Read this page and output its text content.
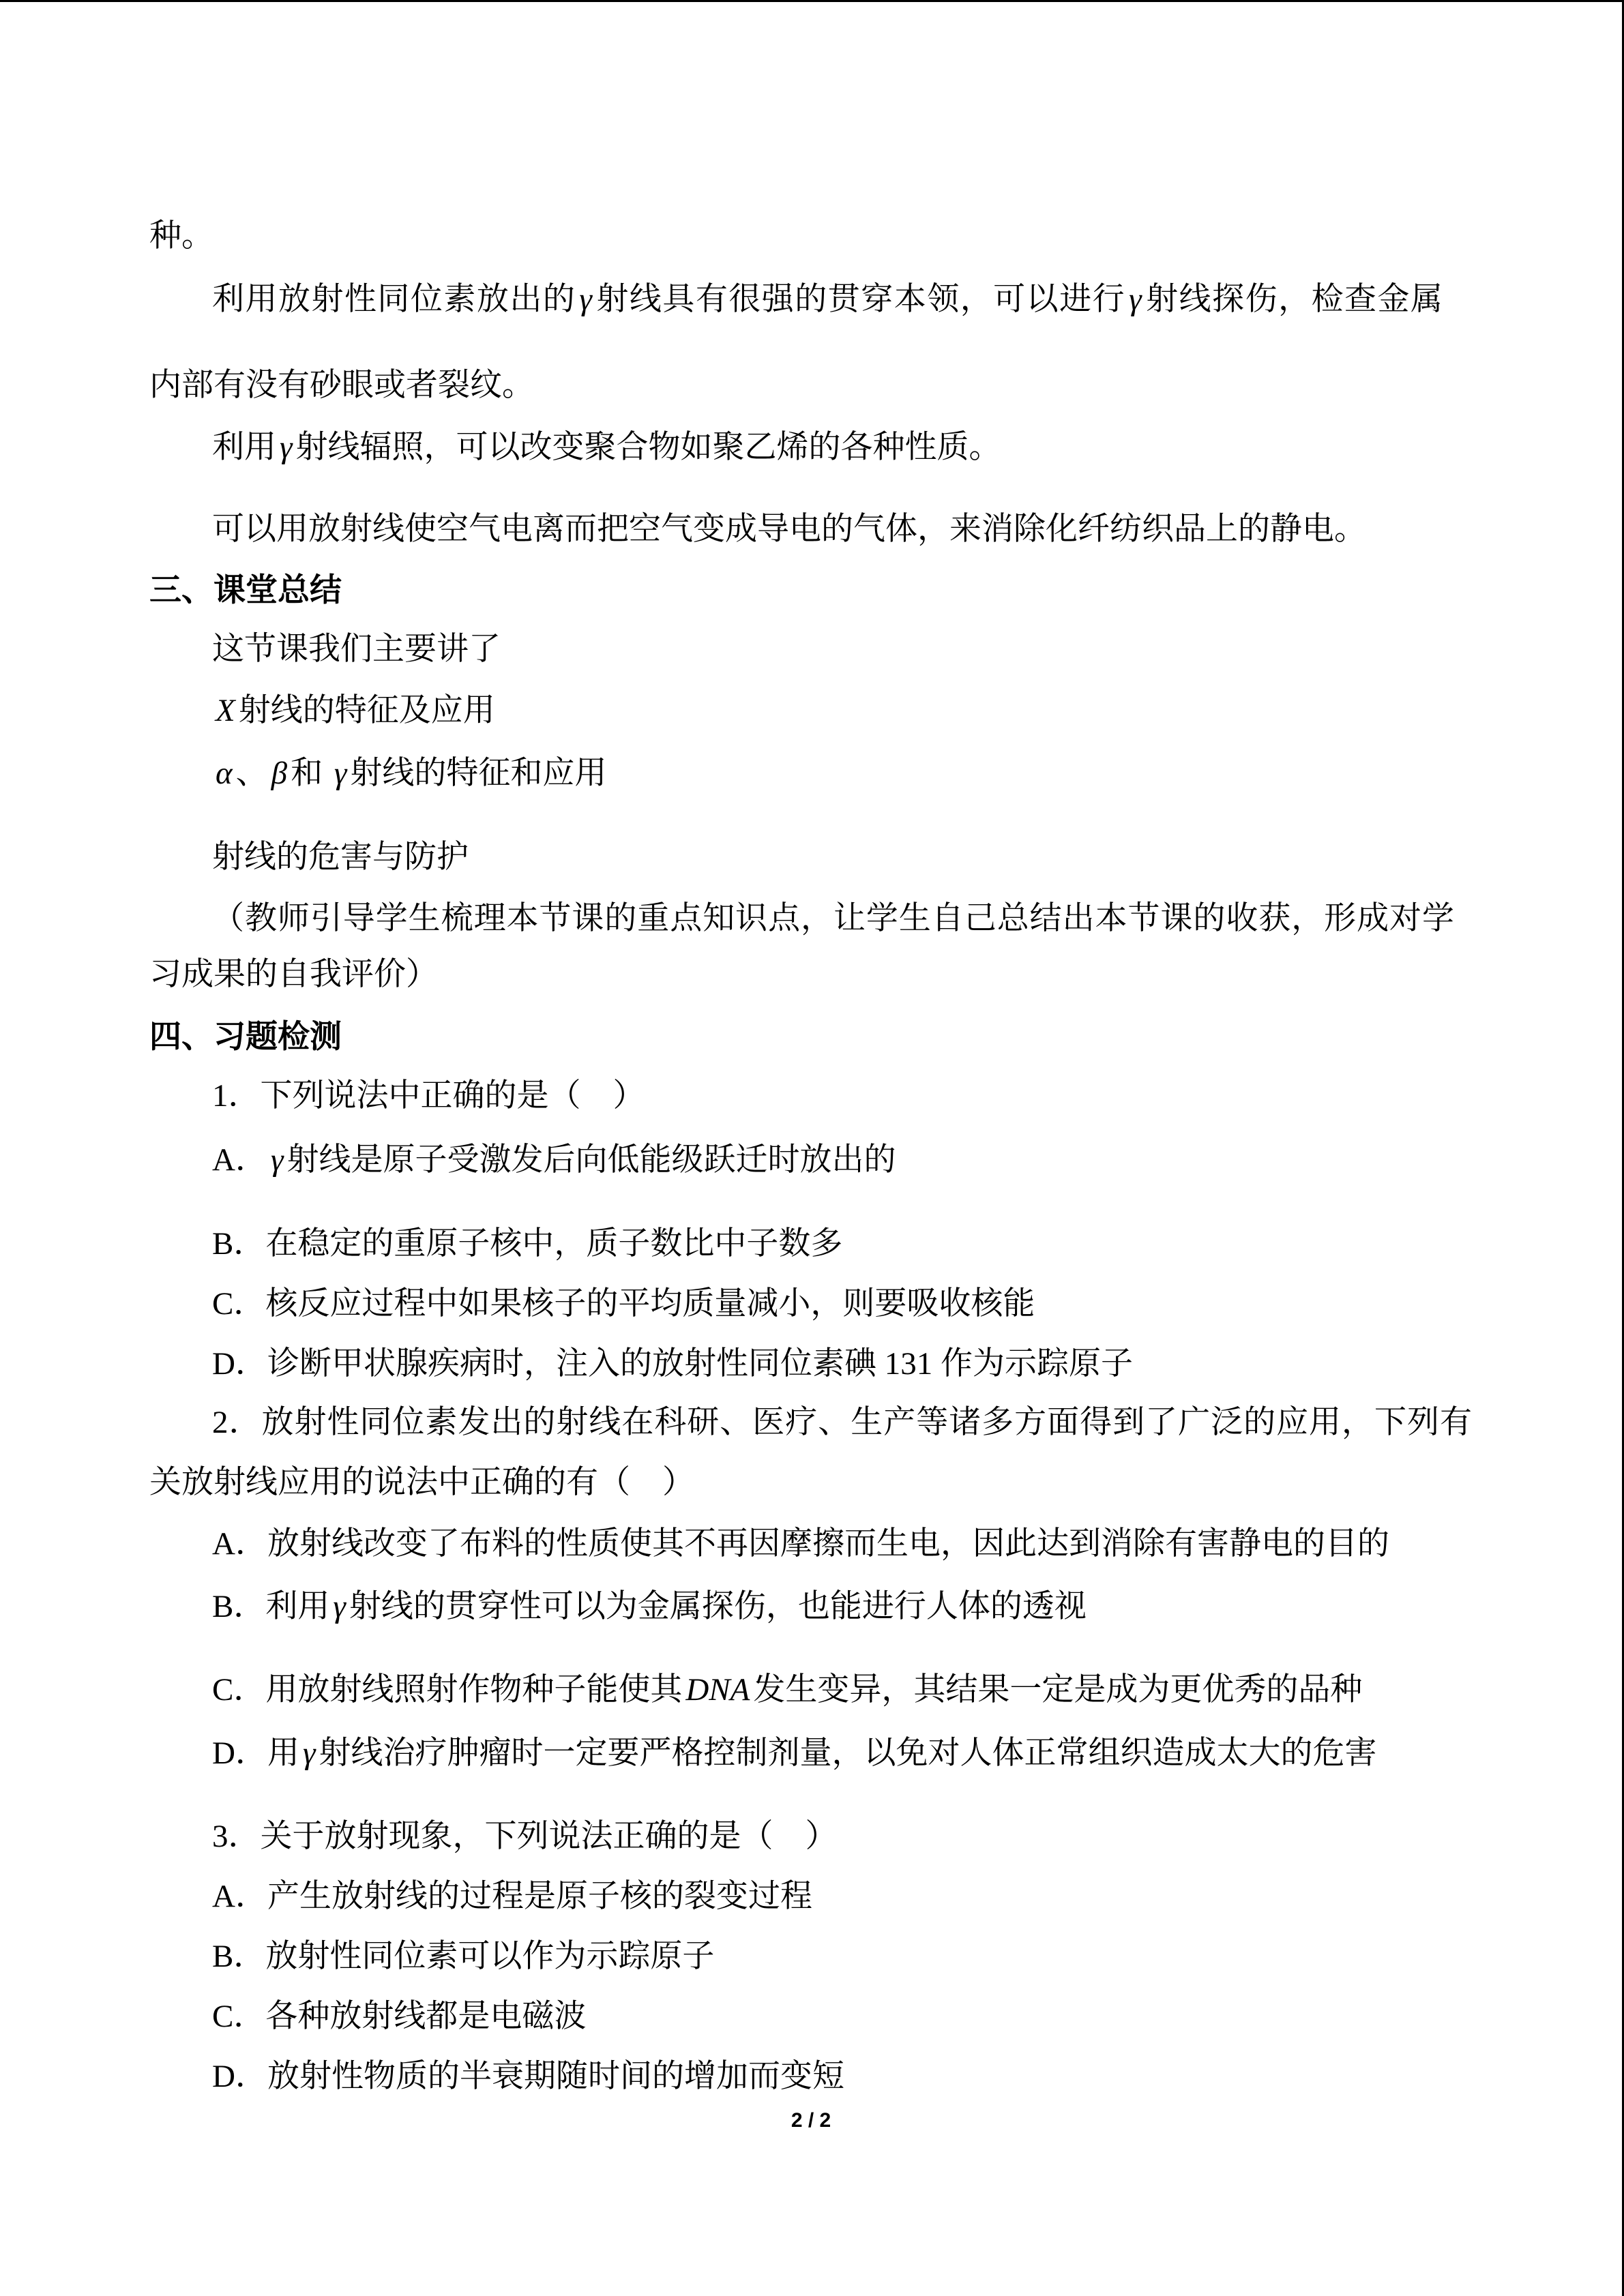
种。
利用放射性同位素放出的 γ 射线具有很强的贯穿本领，可以进行 γ 射线探伤，检查金属
内部有没有砂眼或者裂纹。
利用 γ 射线辐照，可以改变聚合物如聚乙烯的各种性质。
可以用放射线使空气电离而把空气变成导电的气体，来消除化纤纺织品上的静电。
三、课堂总结
这节课我们主要讲了
X 射线的特征及应用
α 、 β 和 γ 射线的特征和应用
射线的危害与防护
（教师引导学生梳理本节课的重点知识点，让学生自己总结出本节课的收获，形成对学
习成果的自我评价）
四、习题检测
1．下列说法中正确的是（　）
A． γ 射线是原子受激发后向低能级跃迁时放出的
B．在稳定的重原子核中，质子数比中子数多
C．核反应过程中如果核子的平均质量减小，则要吸收核能
D．诊断甲状腺疾病时，注入的放射性同位素碘 131 作为示踪原子
2．放射性同位素发出的射线在科研、医疗、生产等诸多方面得到了广泛的应用，下列有
关放射线应用的说法中正确的有（　）
A．放射线改变了布料的性质使其不再因摩擦而生电，因此达到消除有害静电的目的
B．利用 γ 射线的贯穿性可以为金属探伤，也能进行人体的透视
C．用放射线照射作物种子能使其 DNA 发生变异，其结果一定是成为更优秀的品种
D．用 γ 射线治疗肿瘤时一定要严格控制剂量，以免对人体正常组织造成太大的危害
3．关于放射现象，下列说法正确的是（　）
A．产生放射线的过程是原子核的裂变过程
B．放射性同位素可以作为示踪原子
C．各种放射线都是电磁波
D．放射性物质的半衰期随时间的增加而变短
2 / 2
